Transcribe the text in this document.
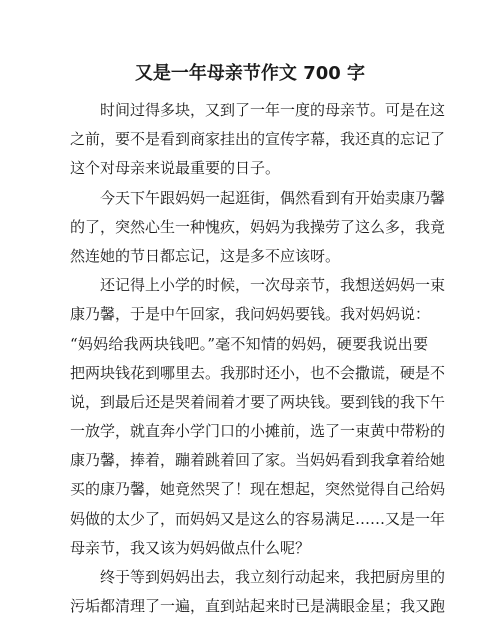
又是一年母亲节作文 700 字
时间过得多块，又到了一年一度的母亲节。可是在这
之前，要不是看到商家挂出的宣传字幕，我还真的忘记了
这个对母亲来说最重要的日子。
今天下午跟妈妈一起逛街，偶然看到有开始卖康乃馨
的了，突然心生一种愧疚，妈妈为我操劳了这么多，我竟
然连她的节日都忘记，这是多不应该呀。
还记得上小学的时候，一次母亲节，我想送妈妈一束
康乃馨，于是中午回家，我问妈妈要钱。我对妈妈说：
“妈妈给我两块钱吧。”毫不知情的妈妈，硬要我说出要
把两块钱花到哪里去。我那时还小，也不会撒谎，硬是不
说，到最后还是哭着闹着才要了两块钱。要到钱的我下午
一放学，就直奔小学门口的小摊前，选了一束黄中带粉的
康乃馨，捧着，蹦着跳着回了家。当妈妈看到我拿着给她
买的康乃馨，她竟然哭了！现在想起，突然觉得自己给妈
妈做的太少了，而妈妈又是这么的容易满足……又是一年
母亲节，我又该为妈妈做点什么呢？
终于等到妈妈出去，我立刻行动起来，我把厨房里的
污垢都清理了一遍，直到站起来时已是满眼金星；我又跑
